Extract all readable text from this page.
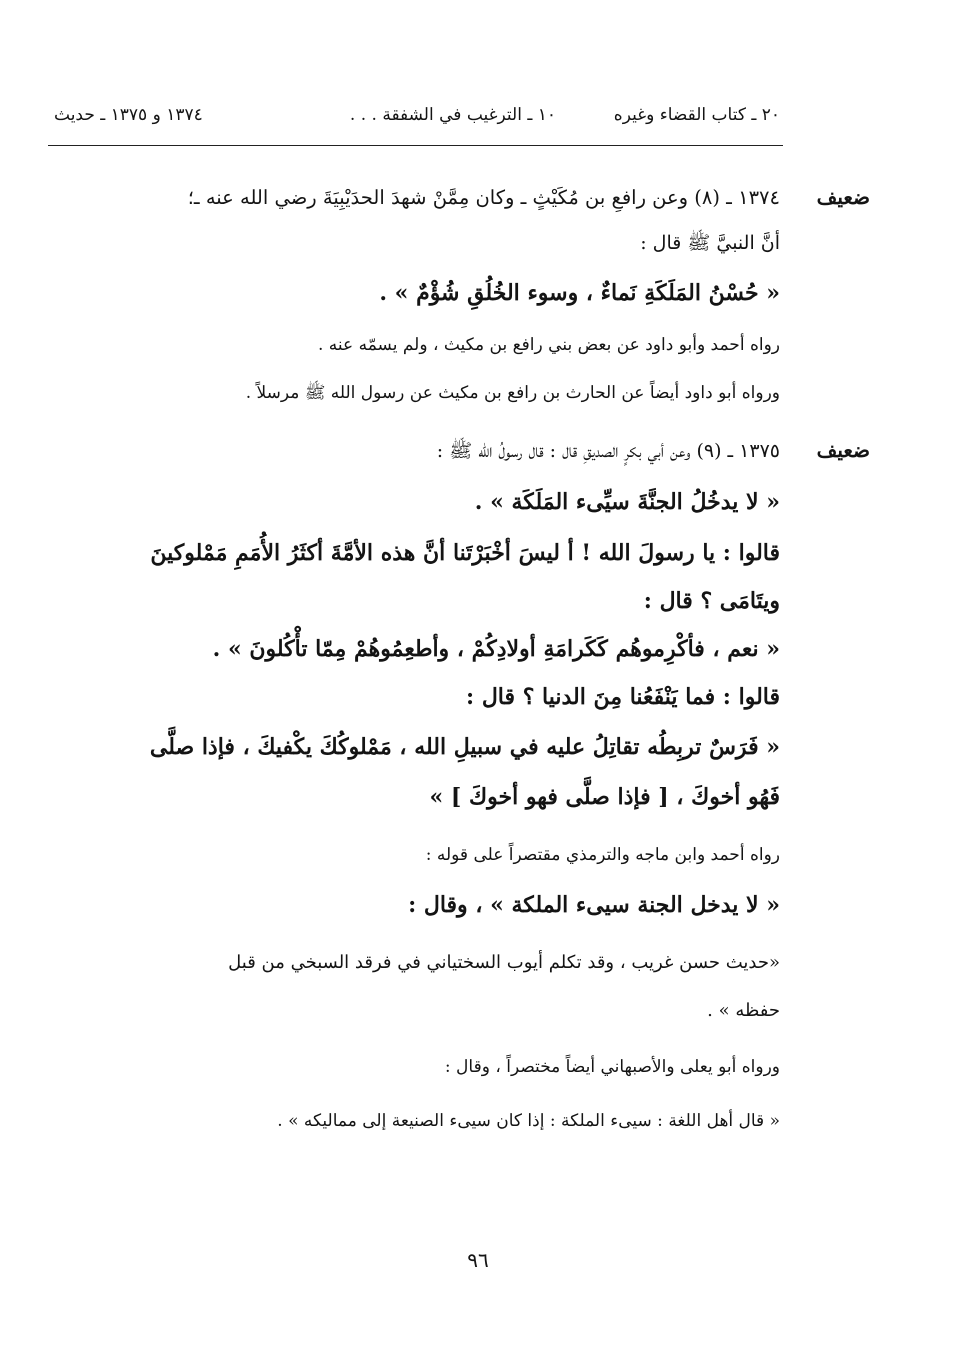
٢٠ ـ كتاب القضاء وغيره
١٠ ـ الترغيب في الشفقة . . .
١٣٧٤ و ١٣٧٥ ـ حديث
ضعيف
١٣٧٤ ـ (٨) وعن رافعِ بن مُكَيْثٍ ـ وكان مِمَّنْ شهدَ الحدَيْبِيَةَ رضي الله عنه ـ؛
أنَّ النبيَّ ﷺ قال :
« حُسْنُ المَلَكَةِ نَماءٌ ، وسوء الخُلُقِ شُؤْمٌ » .
رواه أحمد وأبو داود عن بعض بني رافع بن مكيث ، ولم يسمّه عنه .
ورواه أبو داود أيضاً عن الحارث بن رافع بن مكيث عن رسول الله ﷺ مرسلاً .
ضعيف
١٣٧٥ ـ (٩) وعن أبي بكرٍ الصديقِ قال : قال رسولُ الله ﷺ :
« لا يدخُلُ الجنَّةَ سيِّىء المَلَكَة » .
قالوا : يا رسولَ الله ! أ ليسَ أخْبَرْتَنا أنَّ هذه الأمَّةَ أكثَرُ الأُمَمِ مَمْلوكينَ
ويتَامَى ؟ قال :
« نعم ، فأكْرِموهُم كَكَرامَةِ أولادِكُمْ ، وأطعِمُوهُمْ مِمّا تأْكُلونَ » .
قالوا : فما يَنْفَعُنا مِنَ الدنيا ؟ قال :
« فَرَسٌ تربِطُه تقاتِلُ عليه في سبيلِ الله ، مَمْلوكُكَ يكْفيكَ ، فإذا صلَّى
فَهُو أخوكَ ، [ فإذا صلَّى فهو أخوكَ ] »
رواه أحمد وابن ماجه والترمذي مقتصراً على قوله :
« لا يدخل الجنة سيىء الملكة » ، وقال :
«حديث حسن غريب ، وقد تكلم أيوب السختياني في فرقد السبخي من قبل
حفظه » .
ورواه أبو يعلى والأصبهاني أيضاً مختصراً ، وقال :
« قال أهل اللغة : سيىء الملكة : إذا كان سيىء الصنيعة إلى مماليكه » .
٩٦
